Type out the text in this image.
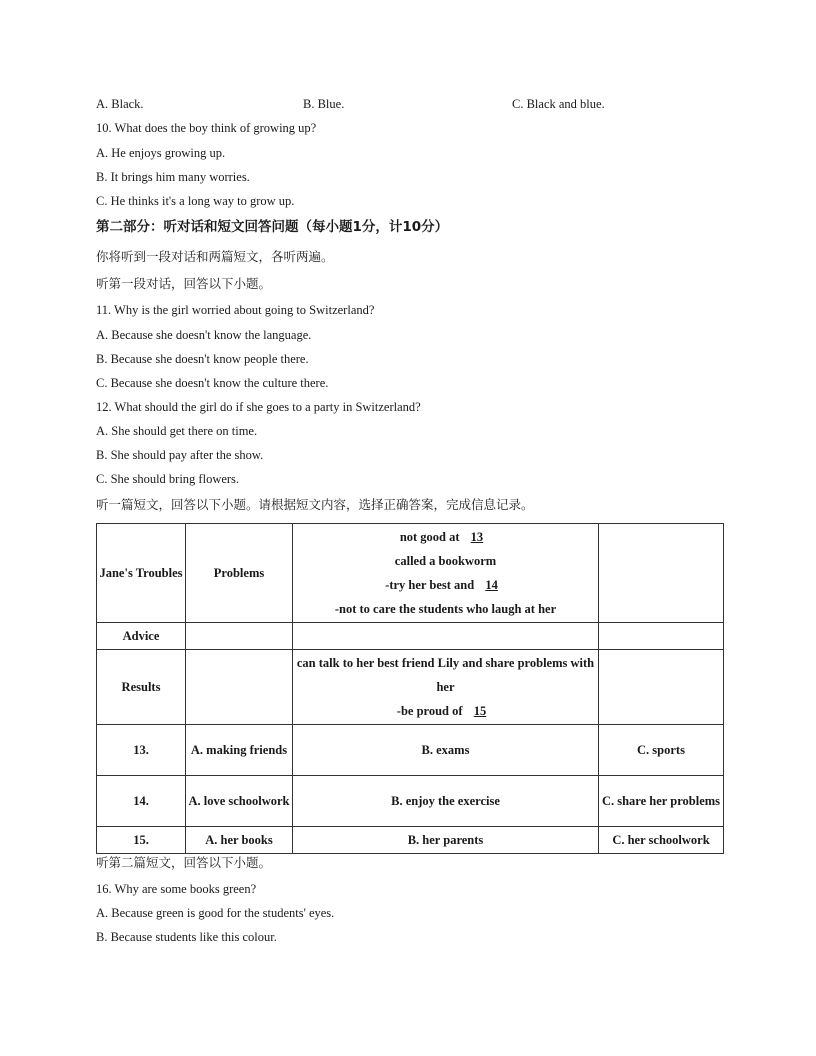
A. Black.	B. Blue.	C. Black and blue.
10. What does the boy think of growing up?
A. He enjoys growing up.
B. It brings him many worries.
C. He thinks it's a long way to grow up.
第二部分：听对话和短文回答问题（每小题1分，计10分）
你将听到一段对话和两篇短文，各听两遍。
听第一段对话，回答以下小题。
11. Why is the girl worried about going to Switzerland?
A. Because she doesn't know the language.
B. Because she doesn't know people there.
C. Because she doesn't know the culture there.
12. What should the girl do if she goes to a party in Switzerland?
A. She should get there on time.
B. She should pay after the show.
C. She should bring flowers.
听一篇短文，回答以下小题。请根据短文内容，选择正确答案，完成信息记录。
Jane's Troubles	Problems	not good at 13
called a bookworm
-try her best and 14
-not to care the students who laugh at her	

Advice			
Results		can talk to her best friend Lily and share problems with her
-be proud of 15	

13.	A. making friends	B. exams	C. sports
14.	A. love schoolwork	B. enjoy the exercise	C. share her problems
15.	A. her books	B. her parents	C. her schoolwork
听第二篇短文，回答以下小题。
16. Why are some books green?
A. Because green is good for the students' eyes.
B. Because students like this colour.
